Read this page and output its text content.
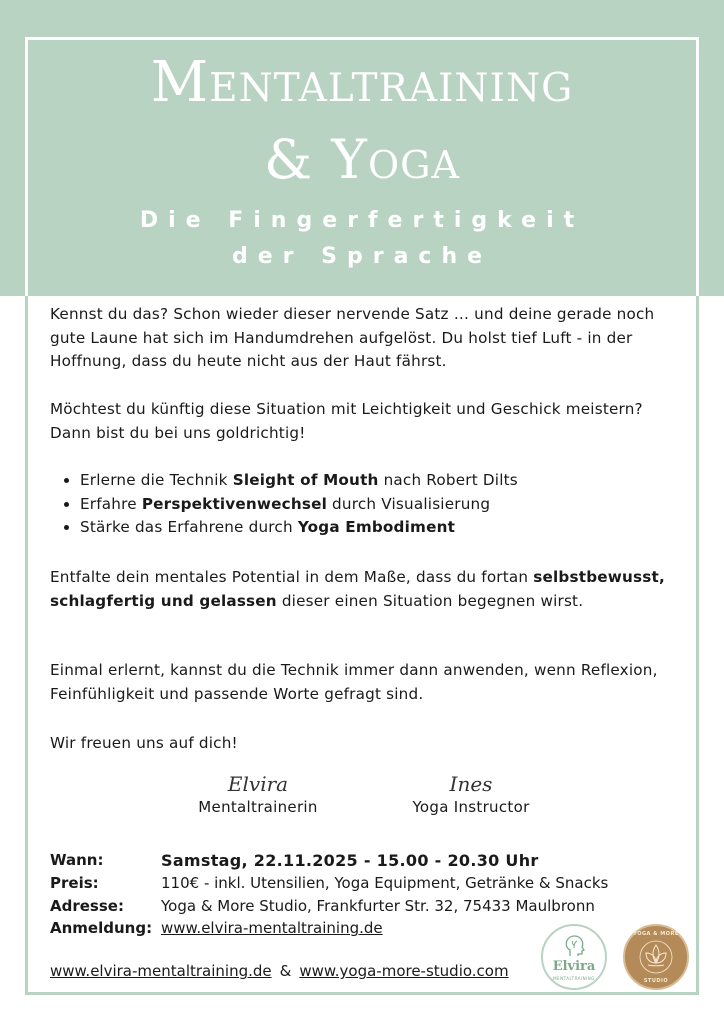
Mentaltraining
& Yoga
Die Fingerfertigkeit
der Sprache
Kennst du das? Schon wieder dieser nervende Satz … und deine gerade noch gute Laune hat sich im Handumdrehen aufgelöst. Du holst tief Luft - in der Hoffnung, dass du heute nicht aus der Haut fährst.
Möchtest du künftig diese Situation mit Leichtigkeit und Geschick meistern? Dann bist du bei uns goldrichtig!
• Erlerne die Technik Sleight of Mouth nach Robert Dilts
• Erfahre Perspektivenwechsel durch Visualisierung
• Stärke das Erfahrene durch Yoga Embodiment
Entfalte dein mentales Potential in dem Maße, dass du fortan selbstbewusst, schlagfertig und gelassen dieser einen Situation begegnen wirst.
Einmal erlernt, kannst du die Technik immer dann anwenden, wenn Reflexion, Feinfühligkeit und passende Worte gefragt sind.
Wir freuen uns auf dich!
Elvira
Mentaltrainerin
Ines
Yoga Instructor
Wann:	Samstag, 22.11.2025 - 15.00 - 20.30 Uhr
Preis:	110€ - inkl. Utensilien, Yoga Equipment, Getränke & Snacks
Adresse: Yoga & More Studio, Frankfurter Str. 32, 75433 Maulbronn
Anmeldung: www.elvira-mentaltraining.de
www.elvira-mentaltraining.de & www.yoga-more-studio.com	Elvira
MENTALTRAINING
YOGA & MORE
STUDIO
